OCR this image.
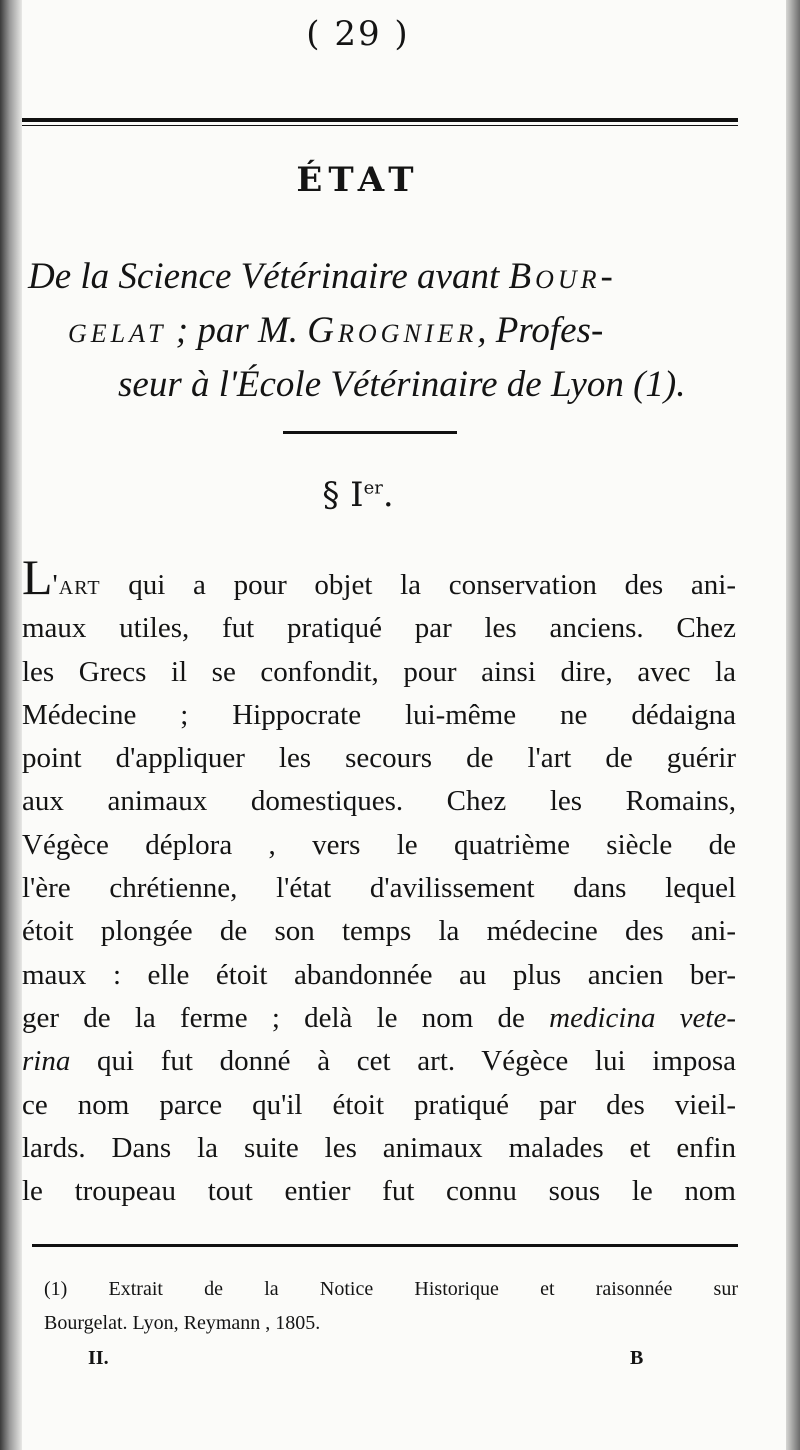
( 29 )
ÉTAT
De la Science Vétérinaire avant Bour-
gelat ; par M. Grognier, Profes-
seur à l'École Vétérinaire de Lyon (1).
§ Ier.
L'art qui a pour objet la conservation des ani-
maux utiles, fut pratiqué par les anciens. Chez
les Grecs il se confondit, pour ainsi dire, avec la
Médecine ; Hippocrate lui-même ne dédaigna
point d'appliquer les secours de l'art de guérir
aux animaux domestiques. Chez les Romains,
Végèce déplora , vers le quatrième siècle de
l'ère chrétienne, l'état d'avilissement dans lequel
étoit plongée de son temps la médecine des ani-
maux : elle étoit abandonnée au plus ancien ber-
ger de la ferme ; delà le nom de medicina vete-
rina qui fut donné à cet art. Végèce lui imposa
ce nom parce qu'il étoit pratiqué par des vieil-
lards. Dans la suite les animaux malades et enfin
le troupeau tout entier fut connu sous le nom
(1) Extrait de la Notice Historique et raisonnée sur
Bourgelat. Lyon, Reymann , 1805.
II.	B
